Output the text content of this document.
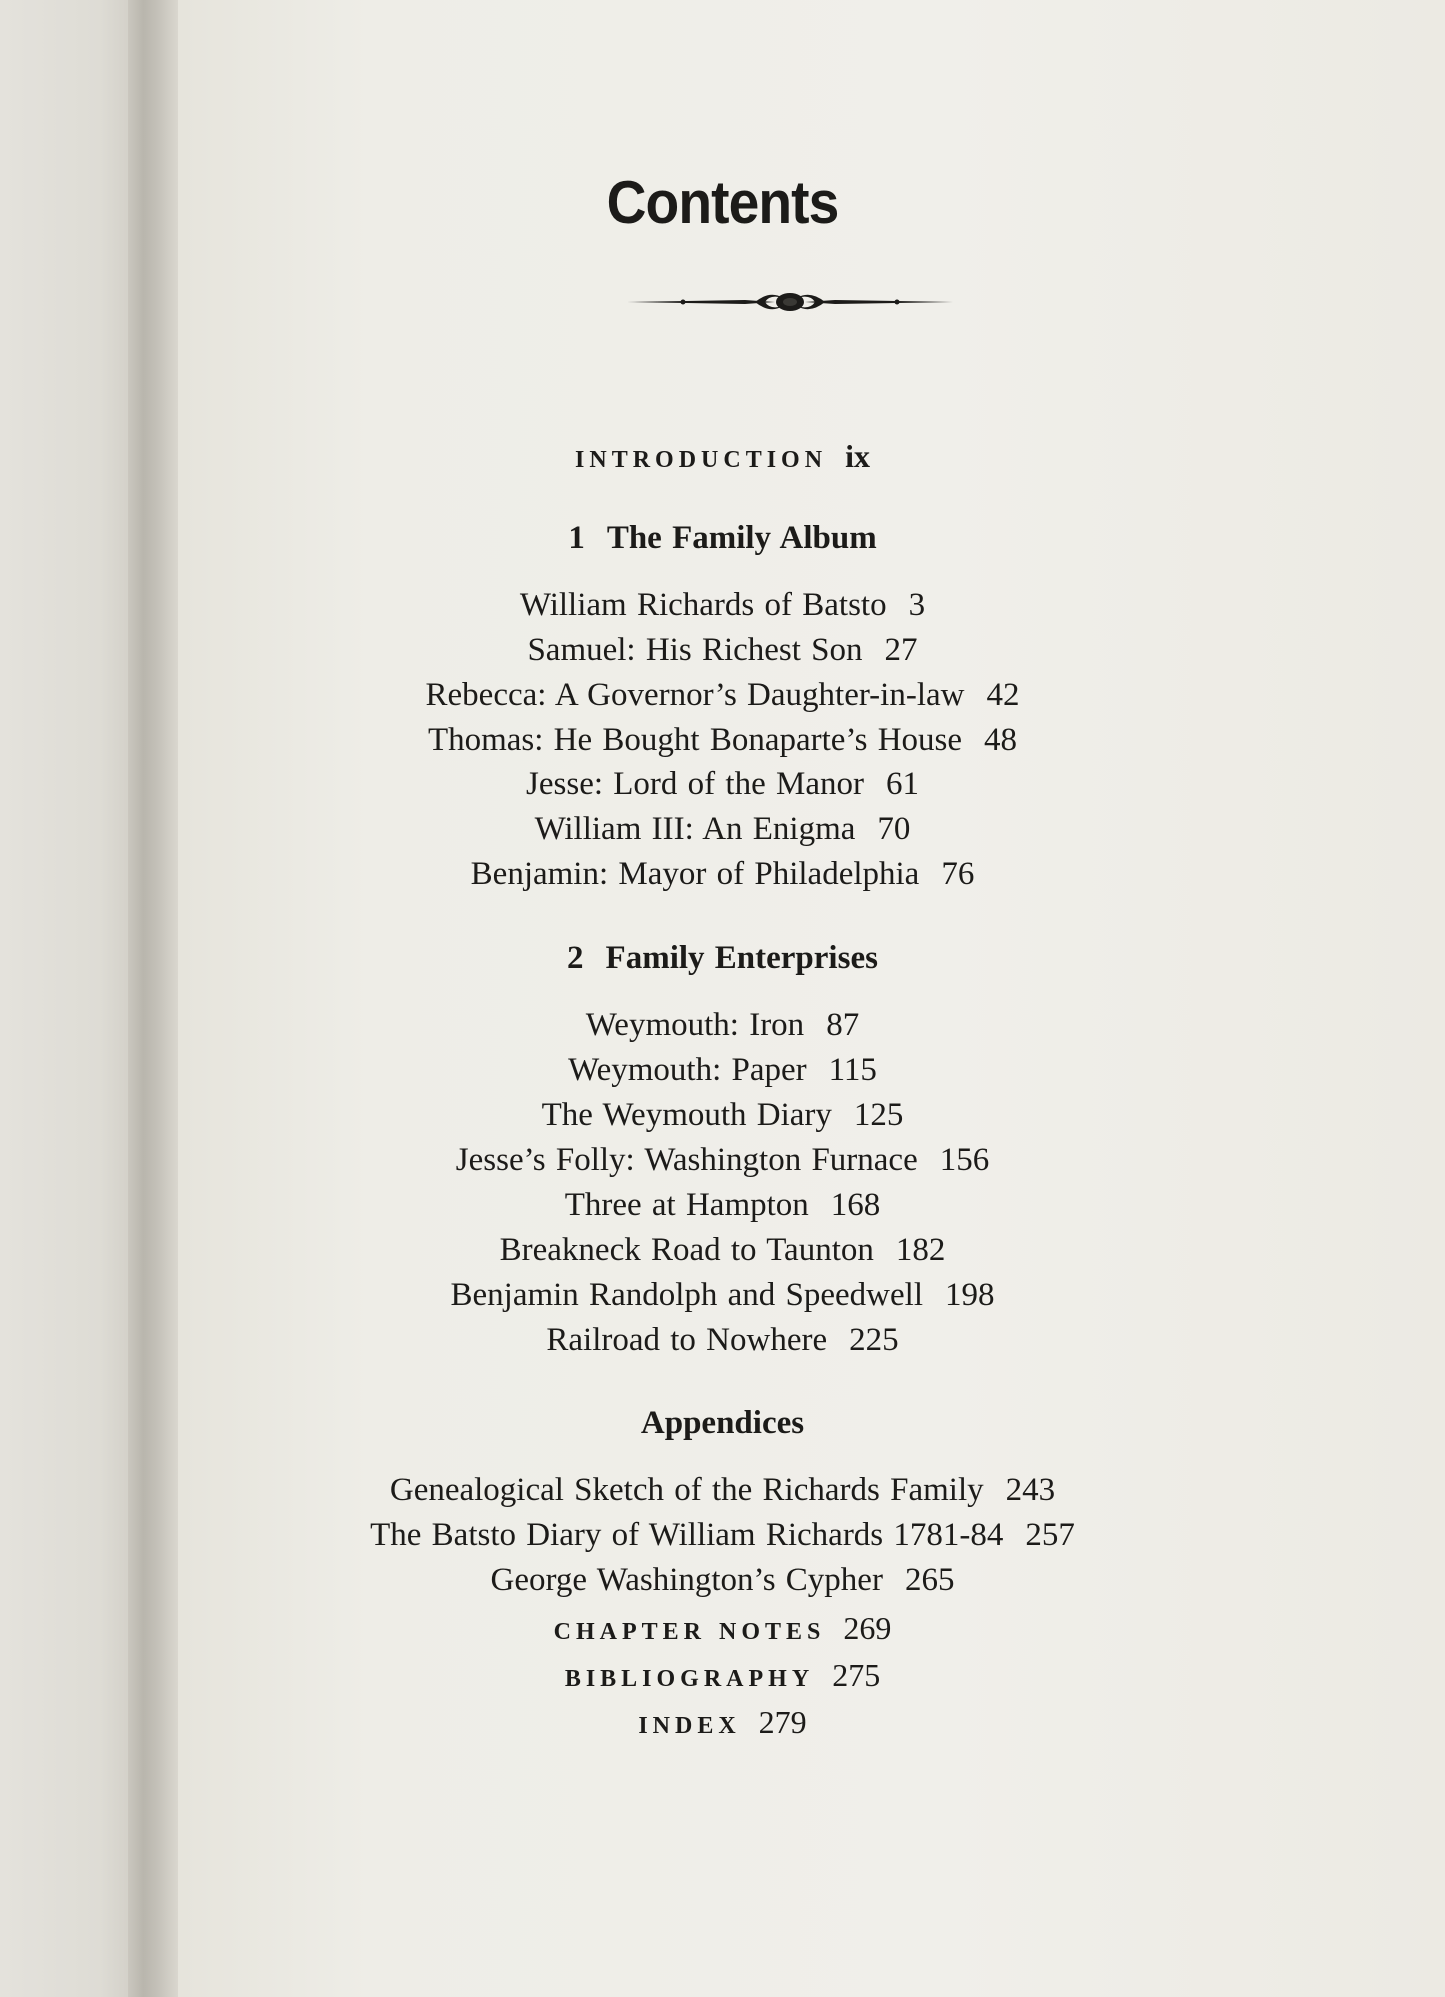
Contents
INTRODUCTION ix
1 The Family Album
William Richards of Batsto 3
Samuel: His Richest Son 27
Rebecca: A Governor’s Daughter-in-law 42
Thomas: He Bought Bonaparte’s House 48
Jesse: Lord of the Manor 61
William III: An Enigma 70
Benjamin: Mayor of Philadelphia 76
2 Family Enterprises
Weymouth: Iron 87
Weymouth: Paper 115
The Weymouth Diary 125
Jesse’s Folly: Washington Furnace 156
Three at Hampton 168
Breakneck Road to Taunton 182
Benjamin Randolph and Speedwell 198
Railroad to Nowhere 225
Appendices
Genealogical Sketch of the Richards Family 243
The Batsto Diary of William Richards 1781-84 257
George Washington’s Cypher 265
CHAPTER NOTES 269
BIBLIOGRAPHY 275
INDEX 279
